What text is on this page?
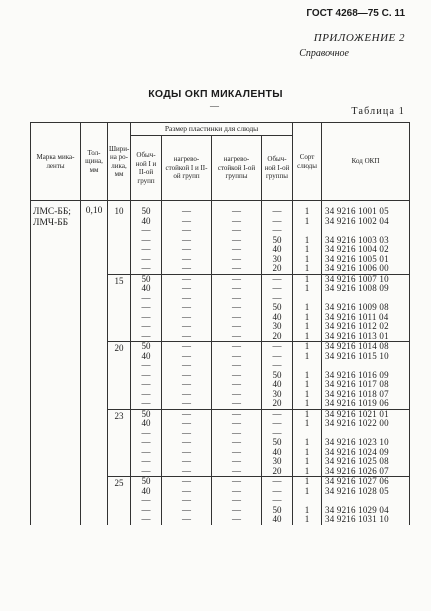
ГОСТ 4268—75 С. 11
ПРИЛОЖЕНИЕ 2
Справочное
КОДЫ ОКП МИКАЛЕНТЫ
—	Таблица 1
Марка мика-ленты	Тол-щина, мм	Шири-на ро-лика, мм	Размер пластинки для слюды				Сорт слюды	Код ОКП
			Обыч-ной I и II-ой групп	нагрево-стойкой I и II-ой групп	нагрево-стойкой I-ой группы	Обыч-ной I-ой группы		
ЛМС-ББ;
ЛМЧ-ББ	0,10	10	50	—	—	—	1	34 9216 1001 05
			40	—	—	—	1	34 9216 1002 04
			—	—	—	—		
			—	—	—	50	1	34 9216 1003 03
			—	—	—	40	1	34 9216 1004 02
			—	—	—	30	1	34 9216 1005 01
			—	—	—	20	1	34 9216 1006 00
		15	50	—	—	—	1	34 9216 1007 10
			40	—	—	—	1	34 9216 1008 09
			—	—	—	—		
			—	—	—	50	1	34 9216 1009 08
			—	—	—	40	1	34 9216 1011 04
			—	—	—	30	1	34 9216 1012 02
			—	—	—	20	1	34 9216 1013 01
		20	50	—	—	—	1	34 9216 1014 08
			40	—	—	—	1	34 9216 1015 10
			—	—	—	—		
			—	—	—	50	1	34 9216 1016 09
			—	—	—	40	1	34 9216 1017 08
			—	—	—	30	1	34 9216 1018 07
			—	—	—	20	1	34 9216 1019 06
		23	50	—	—	—	1	34 9216 1021 01
			40	—	—	—	1	34 9216 1022 00
			—	—	—	—		
			—	—	—	50	1	34 9216 1023 10
			—	—	—	40	1	34 9216 1024 09
			—	—	—	30	1	34 9216 1025 08
			—	—	—	20	1	34 9216 1026 07
		25	50	—	—	—	1	34 9216 1027 06
			40	—	—	—	1	34 9216 1028 05
			—	—	—	—		
			—	—	—	50	1	34 9216 1029 04
			—	—	—	40	1	34 9216 1031 10
